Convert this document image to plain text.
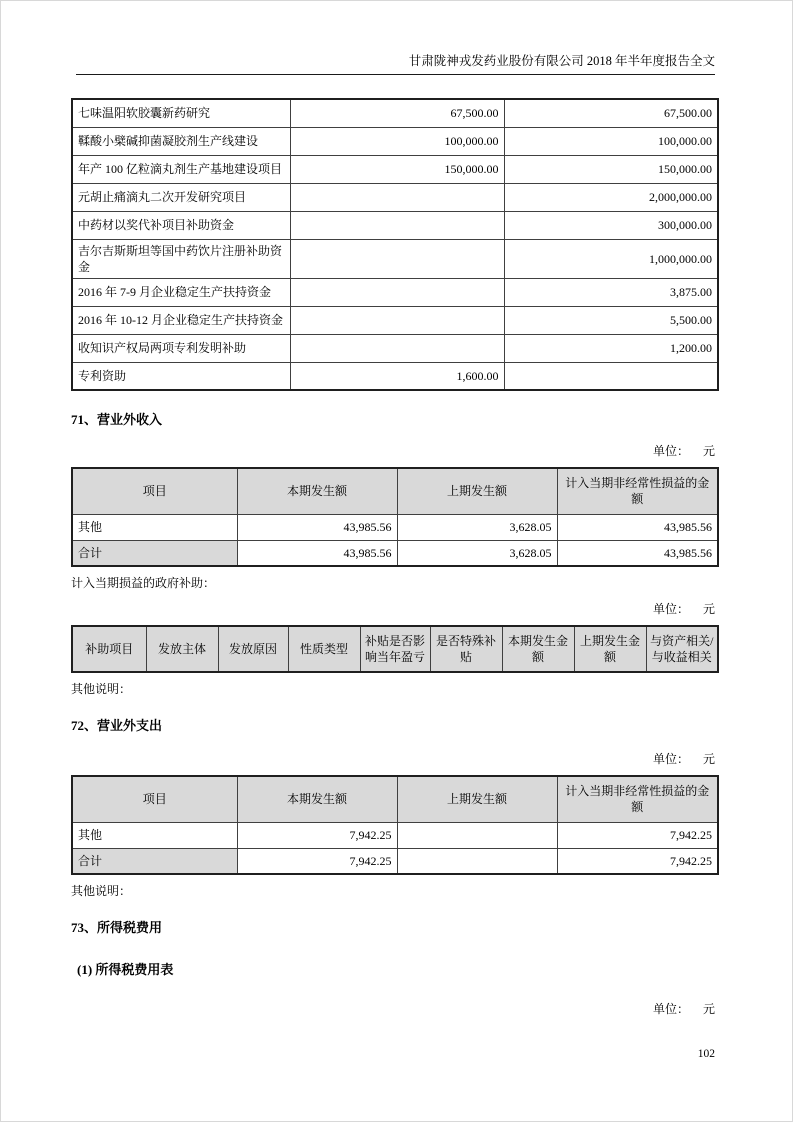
甘肃陇神戎发药业股份有限公司 2018 年半年度报告全文
七味温阳软胶囊新药研究	67,500.00	67,500.00
鞣酸小檗碱抑菌凝胶剂生产线建设	100,000.00	100,000.00
年产 100 亿粒滴丸剂生产基地建设项目	150,000.00	150,000.00
元胡止痛滴丸二次开发研究项目		2,000,000.00
中药材以奖代补项目补助资金		300,000.00
吉尔吉斯斯坦等国中药饮片注册补助资金		1,000,000.00
2016 年 7-9 月企业稳定生产扶持资金		3,875.00
2016 年 10-12 月企业稳定生产扶持资金		5,500.00
收知识产权局两项专利发明补助		1,200.00
专利资助	1,600.00	
71、营业外收入
单位： 元
项目	本期发生额	上期发生额	计入当期非经常性损益的金额
其他	43,985.56	3,628.05	43,985.56
合计	43,985.56	3,628.05	43,985.56

计入当期损益的政府补助：

单位： 元
补助项目	发放主体	发放原因	性质类型	补贴是否影响当年盈亏	是否特殊补贴	本期发生金额	上期发生金额	与资产相关/与收益相关

其他说明：

72、营业外支出
单位： 元
项目	本期发生额	上期发生额	计入当期非经常性损益的金额
其他	7,942.25		7,942.25
合计	7,942.25		7,942.25

其他说明：

73、所得税费用
(1) 所得税费用表
单位： 元
102
